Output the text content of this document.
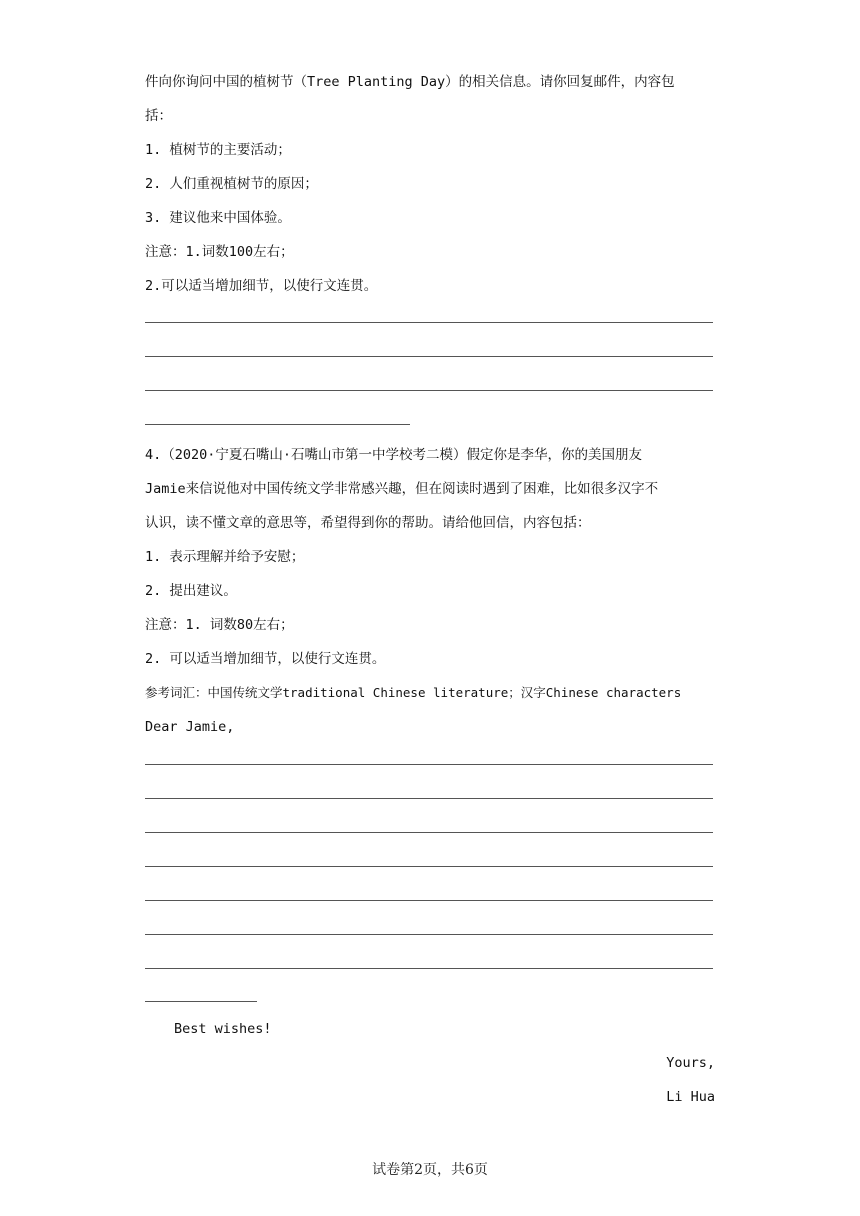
件向你询问中国的植树节（Tree Planting Day）的相关信息。请你回复邮件，内容包
括：
1. 植树节的主要活动；
2. 人们重视植树节的原因；
3. 建议他来中国体验。
注意：1.词数100左右；
2.可以适当增加细节，以使行文连贯。
4.（2020·宁夏石嘴山·石嘴山市第一中学校考二模）假定你是李华，你的美国朋友
Jamie来信说他对中国传统文学非常感兴趣，但在阅读时遇到了困难，比如很多汉字不
认识，读不懂文章的意思等，希望得到你的帮助。请给他回信，内容包括：
1. 表示理解并给予安慰；
2. 提出建议。
注意：1. 词数80左右；
2. 可以适当增加细节，以使行文连贯。
参考词汇：中国传统文学traditional Chinese literature；汉字Chinese characters
Dear Jamie,
Best wishes!
Yours,
Li Hua
试卷第2页，共6页
